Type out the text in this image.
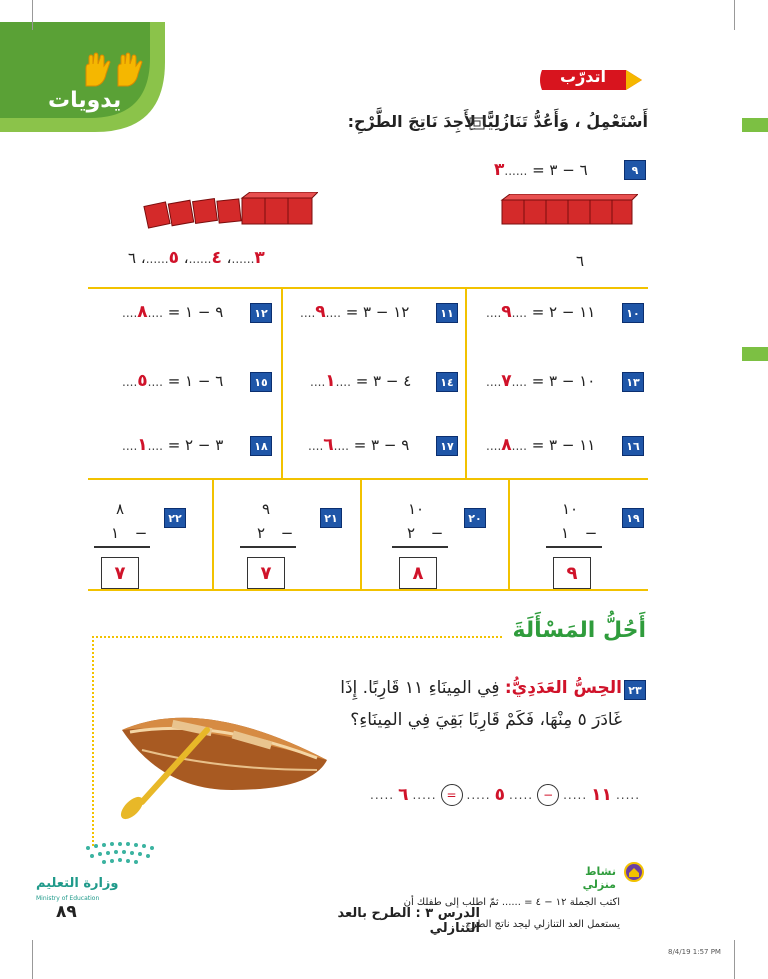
يدويات
أتدرّب
أَسْتَعْمِلُ ، وَأَعُدُّ تَنَازُلِيًّا لِأَجِدَ نَاتِجَ الطَّرْحِ:
٩
٣...... ٦ − ٣ =
٦
٣......، ٤......، ٥......، ٦
١٠
....٩.... ١١ − ٢ =
١١
....٩.... ١٢ − ٣ =
١٢
....٨.... ٩ − ١ =
١٣
....٧.... ١٠ − ٣ =
١٤
....١.... ٤ − ٣ =
١٥
....٥.... ٦ − ١ =
١٦
....٨.... ١١ − ٣ =
١٧
....٦.... ٩ − ٣ =
١٨
....١.... ٣ − ٢ =
١٩
١٠
١ −
٩
٢٠
١٠
٢ −
٨
٢١
٩
٢ −
٧
٢٢
٨
١ −
٧
أَحُلُّ المَسْأَلَةَ
٢٣
الحِسُّ العَدَدِيُّ: فِي المِينَاءِ ١١ قَارِبًا. إِذَا غَادَرَ ٥ مِنْهَا، فَكَمْ قَارِبًا بَقِيَ فِي المِينَاءِ؟
..... ٦ ..... = ..... ٥ ..... − ..... ١١ .....
وزارة التعليم
Ministry of Education
نشاط منزلي
اكتب الجملة ١٢ − ٤ = ...... ثمّ اطلب إلى طفلك أن يستعمل العد التنازلي ليجد ناتج الطرح.
٨٩	الدرس ٣ : الطرح بالعد التنازلي
8/4/19 1:57 PM
